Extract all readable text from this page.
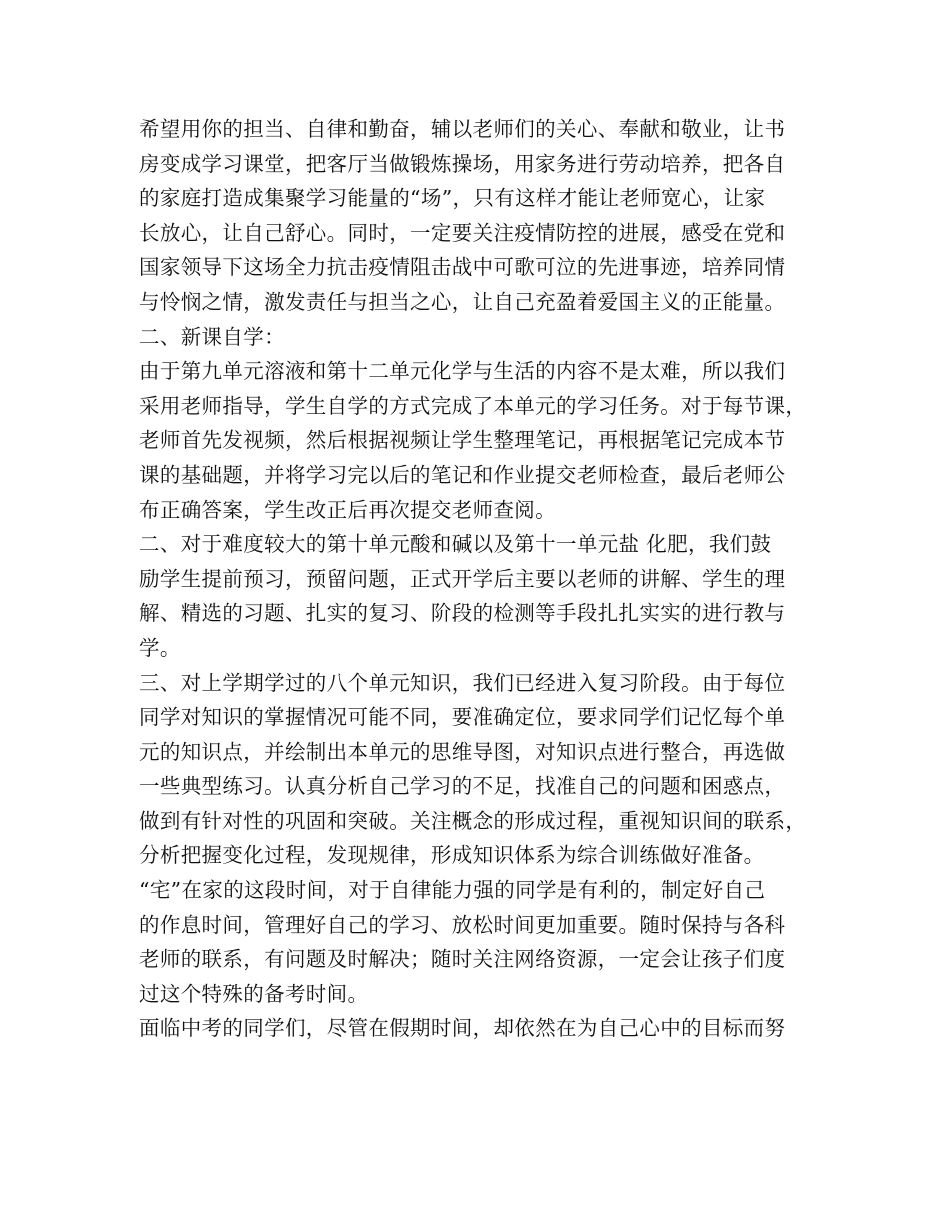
希望用你的担当、自律和勤奋，辅以老师们的关心、奉献和敬业，让书
房变成学习课堂，把客厅当做锻炼操场，用家务进行劳动培养，把各自
的家庭打造成集聚学习能量的“场”，只有这样才能让老师宽心，让家
长放心，让自己舒心。同时，一定要关注疫情防控的进展，感受在党和
国家领导下这场全力抗击疫情阻击战中可歌可泣的先进事迹，培养同情
与怜悯之情，激发责任与担当之心，让自己充盈着爱国主义的正能量。
二、新课自学：
由于第九单元溶液和第十二单元化学与生活的内容不是太难，所以我们
采用老师指导，学生自学的方式完成了本单元的学习任务。对于每节课，
老师首先发视频，然后根据视频让学生整理笔记，再根据笔记完成本节
课的基础题，并将学习完以后的笔记和作业提交老师检查，最后老师公
布正确答案，学生改正后再次提交老师查阅。
二、对于难度较大的第十单元酸和碱以及第十一单元盐 化肥，我们鼓
励学生提前预习，预留问题，正式开学后主要以老师的讲解、学生的理
解、精选的习题、扎实的复习、阶段的检测等手段扎扎实实的进行教与
学。
三、对上学期学过的八个单元知识，我们已经进入复习阶段。由于每位
同学对知识的掌握情况可能不同，要准确定位，要求同学们记忆每个单
元的知识点，并绘制出本单元的思维导图，对知识点进行整合，再选做
一些典型练习。认真分析自己学习的不足，找准自己的问题和困惑点，
做到有针对性的巩固和突破。关注概念的形成过程，重视知识间的联系，
分析把握变化过程，发现规律，形成知识体系为综合训练做好准备。
“宅”在家的这段时间，对于自律能力强的同学是有利的，制定好自己
的作息时间，管理好自己的学习、放松时间更加重要。随时保持与各科
老师的联系，有问题及时解决；随时关注网络资源，一定会让孩子们度
过这个特殊的备考时间。
面临中考的同学们，尽管在假期时间，却依然在为自己心中的目标而努
